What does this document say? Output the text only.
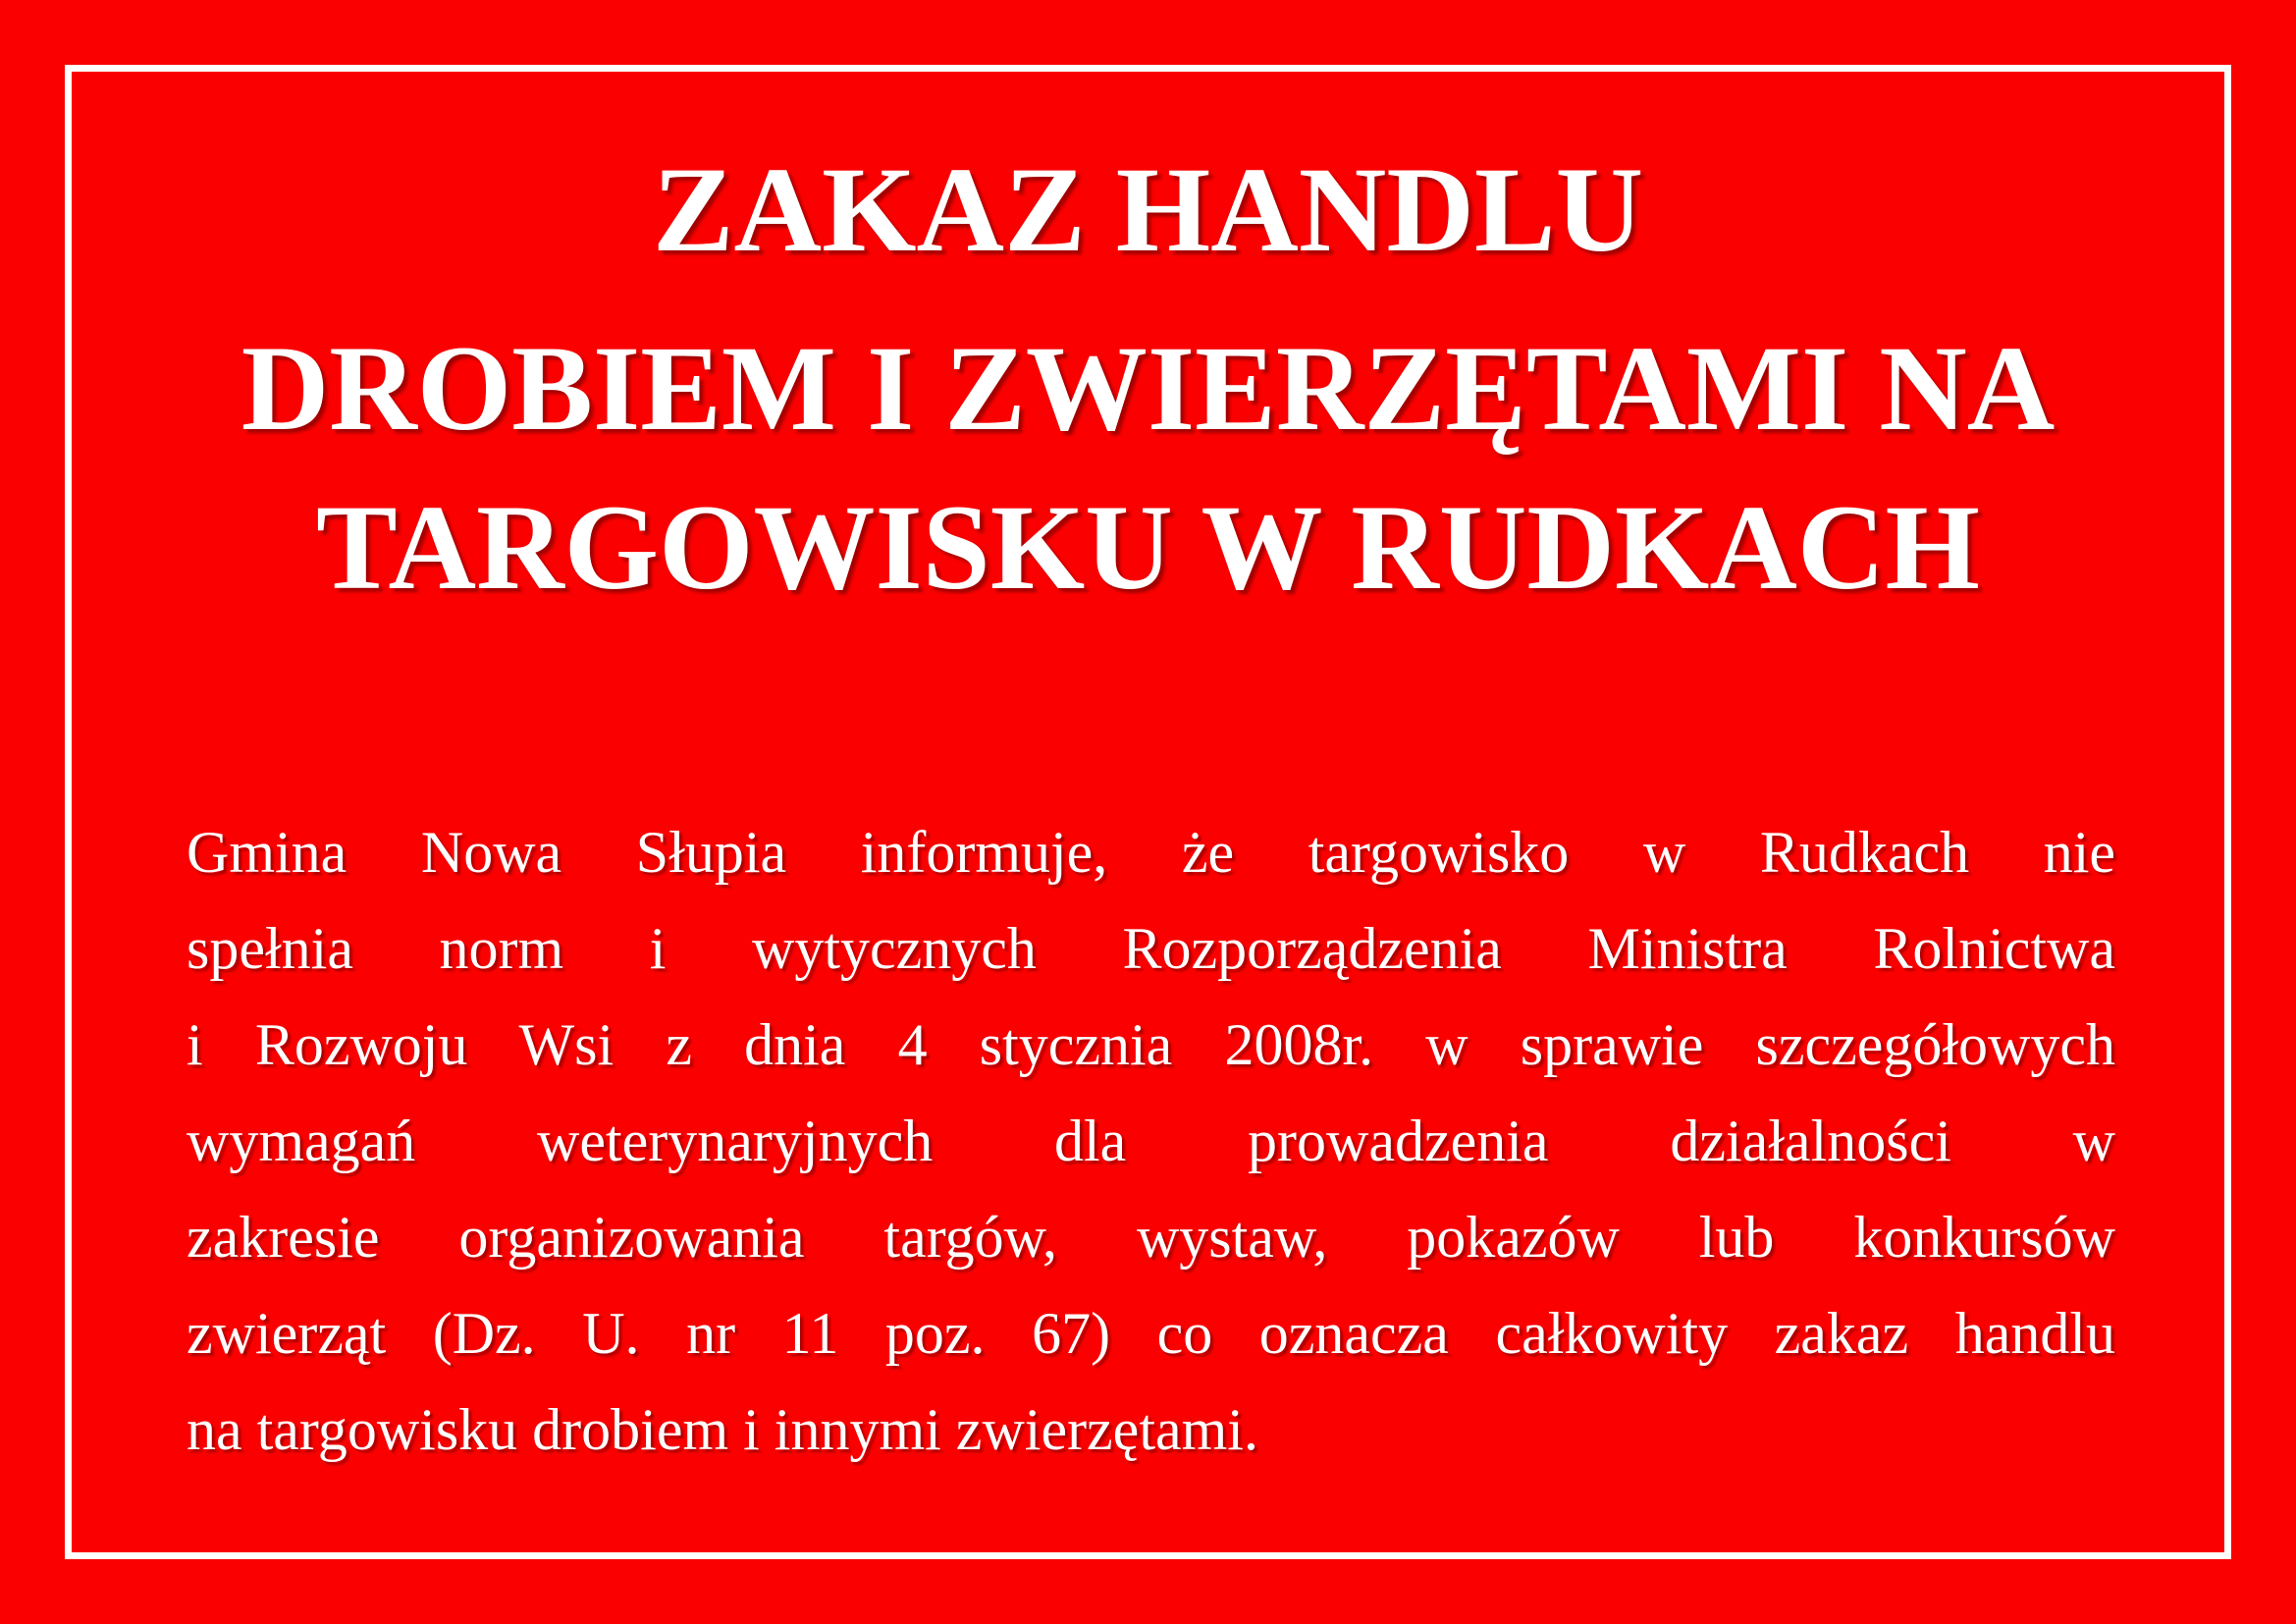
ZAKAZ HANDLU
DROBIEM I ZWIERZĘTAMI NA
TARGOWISKU W RUDKACH
Gmina Nowa Słupia informuje, że targowisko w Rudkach nie
spełnia norm i wytycznych Rozporządzenia Ministra Rolnictwa
i Rozwoju Wsi z dnia 4 stycznia 2008r. w sprawie szczegółowych
wymagań weterynaryjnych dla prowadzenia działalności w
zakresie organizowania targów, wystaw, pokazów lub konkursów
zwierząt (Dz. U. nr 11 poz. 67) co oznacza całkowity zakaz handlu
na targowisku drobiem i innymi zwierzętami.
